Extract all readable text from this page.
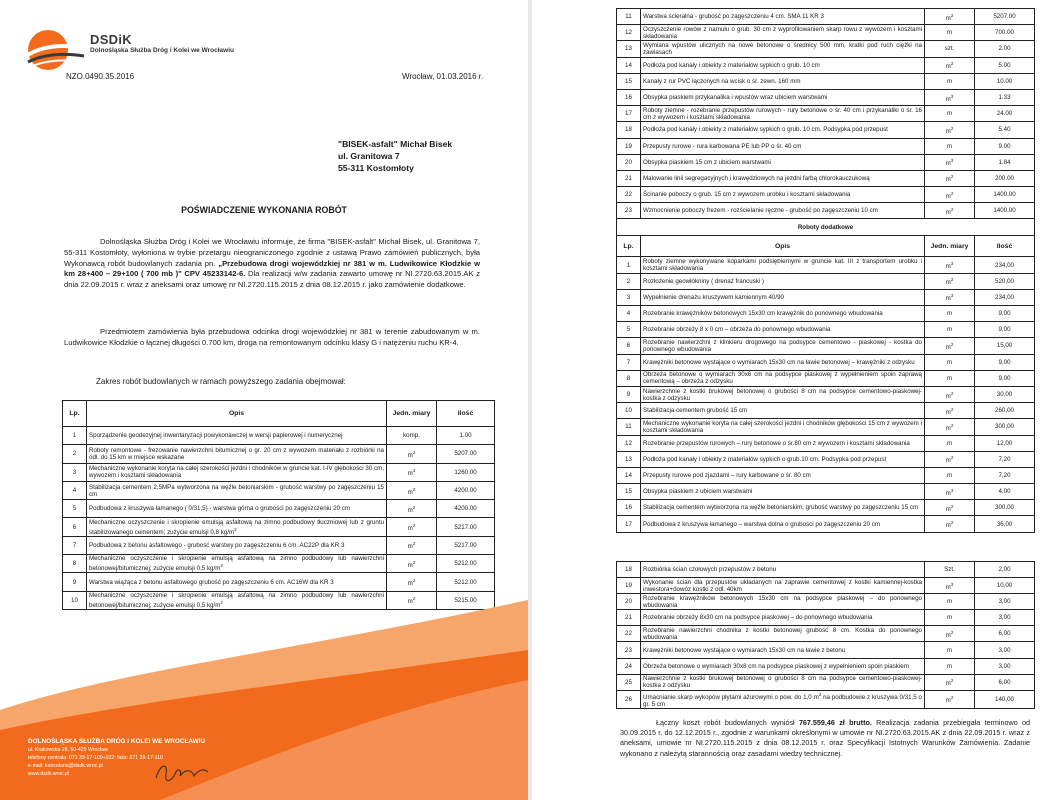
DSDiK
Dolnośląska Służba Dróg i Kolei we Wrocławiu
NZO.0490.35.2016	Wrocław, 01.03.2016 r.
"BISEK-asfalt" Michał Bisek
ul. Granitowa 7
55-311 Kostomłoty
POŚWIADCZENIE WYKONANIA ROBÓT
Dolnośląska Służba Dróg i Kolei we Wrocławiu informuje, że firma "BISEK-asfalt" Michał Bisek, ul. Granitowa 7, 55-311 Kostomłoty, wyłoniona w trybie przetargu nieograniczonego zgodnie z ustawą Prawo zamówień publicznych, była Wykonawcą robót budowlanych zadania pn. „Przebudowa drogi wojewódzkiej nr 381 w m. Ludwikowice Kłodzkie w km 28+400 – 29+100 ( 700 mb )" CPV 45233142-6. Dla realizacji w/w zadania zawarto umowę nr NI.2720.63.2015.AK z dnia 22.09.2015 r. wraz z aneksami oraz umowę nr NI.2720.115.2015 z dnia 08.12.2015 r. jako zamówienie dodatkowe.
Przedmiotem zamówienia była przebudowa odcinka drogi wojewódzkiej nr 381 w terenie zabudowanym w m. Ludwikowice Kłodzkie o łącznej długości 0.700 km, droga na remontowanym odcinku klasy G i natężeniu ruchu KR-4.
Zakres robót budowlanych w ramach powyższego zadania obejmował:
Lp.	Opis	Jedn. miary	Ilość
1	Sporządzenie geodezyjnej inwentaryzacji powykonawczej w wersji papierowej i numerycznej	komp.	1.00
2	Roboty remontowe - frezowanie nawierzchni bitumicznej o gr. 20 cm z wywozem materiału z rozbiórki na odl. do 15 km w miejsce wskazane	$m^2$	5207.00
3	Mechaniczne wykonanie koryta na całej szerokości jezdni i chodników w gruncie kat. I-IV głębokości 30 cm, wywozem i kosztami składowania	$m^3$	1260.00
4	Stabilizacja cementem 2,5MPa wytworzona na węźle betoniarskim - grubość warstwy po zagęszczeniu 15 cm	$m^2$	4200.00
5	Podbudowa z kruszywa łamanego ( 0/31,5) - warstwa górna o grubości po zagęszczeniu 20 cm	$m^2$	4200.00
6	Mechaniczne oczyszczenie i skropienie emulsją asfaltową na zimno podbudowy tłuczniowej lub z gruntu stabilizowanego cementem; zużycie emulsji 0,8 $kg/m^2$	$m^2$	5217.00
7	Podbudowa z betonu asfaltowego - grubość warstwy po zagęszczeniu 6 cm. AC22P dla KR 3	$m^2$	5217.00
8	Mechaniczne oczyszczenie i skropienie emulsją asfaltową na zimno podbudowy lub nawierzchni betonowej/bitumicznej; zużycie emulsji 0,5 $kg/m^2$	$m^2$	5212.00
9	Warstwa wiążąca z betonu asfaltowego grubość po zagęszczeniu 6 cm. AC16W dla KR 3	$m^2$	5212.00
10	Mechaniczne oczyszczenie i skropienie emulsją asfaltową na zimno podbudowy lub nawierzchni betonowej/bitumicznej; zużycie emulsji 0,5 $kg/m^2$	$m^2$	5215.00
DOLNOŚLĄSKA SŁUŻBA DRÓG I KOLEI WE WROCŁAWIU
ul. Krakowska 28, 50-425 Wrocław
telefony centrala: 071 39-17-100÷102; faks: 071 39-17-110
e-mail: kancelaria@dsdk.wroc.pl
www.dsdk.wroc.pl
11	Warstwa ścieralna - grubość po zagęszczeniu 4 cm. SMA 11 KR 3	$m^2$	5207.00
12	Oczyszczenie rowów z namułu o grub. 30 cm z wyprofilowaniem skarp rowu z wywozem i kosztami składowania	m	700.00
13	Wymiana wpustów ulicznych na nowe betonowe o średnicy 500 mm, kratki pod ruch ciężki na zawiasach	szt.	2.00
14	Podłoża pod kanały i obiekty z materiałów sypkich o grub. 10 cm	$m^2$	5.00
15	Kanały z rur PVC łączonych na wcisk o śr. zewn. 160 mm	m	10.00
16	Obsypka piaskiem przykanalika i wpustów wraz ubiciem warstwami	$m^3$	1.33
17	Roboty ziemne - rozebranie przepustów rurowych - rury betonowe o śr. 40 cm i przykanaliki o śr. 16 cm z wywozem i kosztami składowania	m	24.00
18	Podłoża pod kanały i obiekty z materiałów sypkich o grub. 10 cm. Podsypka pod przepust	$m^2$	5.40
19	Przepusty rurowe - rura karbowana PE lub PP o śr. 40 cm	m	9.00
20	Obsypka piaskiem 15 cm z ubiciem warstwami	$m^3$	1.84
21	Malowanie linii segregacyjnych i krawędziowych na jezdni farbą chlorokauczukową	$m^2$	200.00
22	Ścinanie poboczy o grub. 15 cm z wywozem urobku i kosztami składowania	$m^2$	1400.00
23	Wzmocnienie poboczy frezem - rozścielanie ręczne - grubość po zagęszczeniu 10 cm	$m^2$	1400.00
Roboty dodatkowe			
Lp.	Opis	Jedn. miary	Ilość
1	Roboty ziemne wykonywane koparkami podsiębiernymi w gruncie kat. III z transportem urobku i kosztami składowania	$m^3$	234,00
2	Rozłożenie geowłókniny ( drenaż francuski )	$m^2$	520,00
3	Wypełnienie drenażu kruszywem kamiennym 40/90	$m^3$	234,00
4	Rozebranie krawężników betonowych 15x30 cm krawężnik do ponownego wbudowania	m	9,00
5	Rozebranie obrzeży 8 x 0 cm – obrzeża do ponownego wbudowania	m	9,00
6	Rozebranie nawierzchni z klinkieru drogowego na podsypce cementowo - piaskowej - kostka do ponownego wbudowania	$m^2$	15,00
7	Krawężniki betonowe wystające o wymiarach 15x30 cm na ławie betonowej – krawężniki z odzysku	m	9,00
8	Obrzeża betonowe o wymiarach 30x6 cm na podsypce piaskowej z wypełnieniem spoin zaprawą cementową – obrzeża z odzysku	m	9,00
9	Nawierzchnie z kostki brukowej betonowej o grubości 8 cm na podsypce cementowo-piaskowej- kostka z odzysku	$m^2$	30,00
10	Stabilizacja cementem grubość 15 cm	$m^2$	260,00
11	Mechaniczne wykonanie koryta na całej szerokości jezdni i chodników głębokości 15 cm z wywozem i kosztami składowania	$m^2$	300,00
12	Rozebranie przepustów rurowych – rury betonowe o śr.80 cm z wywozem i kosztami składowania	m	12,00
13	Podłoża pod kanały i obiekty z materiałów sypkich o grub.10 cm. Podsypka pod przepust	$m^2$	7,20
14	Przepusty rurowe pod zjazdami – rury karbowane o śr. 80 cm	m	7,20
15	Obsypka piaskiem z ubiciem warstwami	$m^3$	4,00
16	Stabilizacja cementem wytworzona na węźle betoniarskim, grubość warstwy po zagęszczeniu 15 cm	$m^2$	300,00
17	Podbudowa z kruszywa łamanego – warstwa dolna o grubości po zagęszczeniu 20 cm	$m^2$	36,00
18	Rozbiórka ścian czołowych przepustów z betonu	Szt.	2,00
19	Wykonanie ścian dla przepustów układanych na zaprawie cementowej z kostki kamiennej-kostka inwestora+dowóz kostki z odl. 40km	$m^3$	10,00
20	Rozebranie krawężników betonowych 15x30 cm na podsypce piaskowej – do ponownego wbudowania	m	3,00
21	Rozebranie obrzeży 8x30 cm na podsypce piaskowej – do ponownego wbudowania	m	3,00
22	Rozebranie nawierzchni chodnika z kostki betonowej grubość 8 cm. Kostka do ponownego wbudowania	$m^2$	6,00
23	Krawężniki betonowe wystające o wymiarach 15x30 cm na ławie z betonu	m	3,00
24	Obrzeża betonowe o wymiarach 30x8 cm na podsypce piaskowej z wypełnieniem spoin piaskiem	m	3,00
25	Nawierzchnie z kostki brukowej betonowej o grubości 8 cm na podsypce cementowo-piaskowej-kostka z odzysku	$m^2$	6,00
26	Umacnianie skarp wykopów płytami ażurowymi o pow. do 1,0 $m^2$ na podbudowie z kruszywa 0/31,5 o gr. 5 cm	$m^2$	140,00
Łączny koszt robót budowlanych wyniósł 767.559,46 zł brutto. Realizacja zadania przebiegała terminowo od 30.09.2015 r. do 12.12.2015 r., zgodnie z warunkami określonymi w umowie nr NI.2720.63.2015.AK z dnia 22.09.2015 r. wraz z aneksami, umowie nr NI.2720.115.2015 z dnia 08.12.2015 r. oraz Specyfikacji Istotnych Warunków Zamówienia. Zadanie wykonano z należytą starannością oraz zasadami wiedzy technicznej.
